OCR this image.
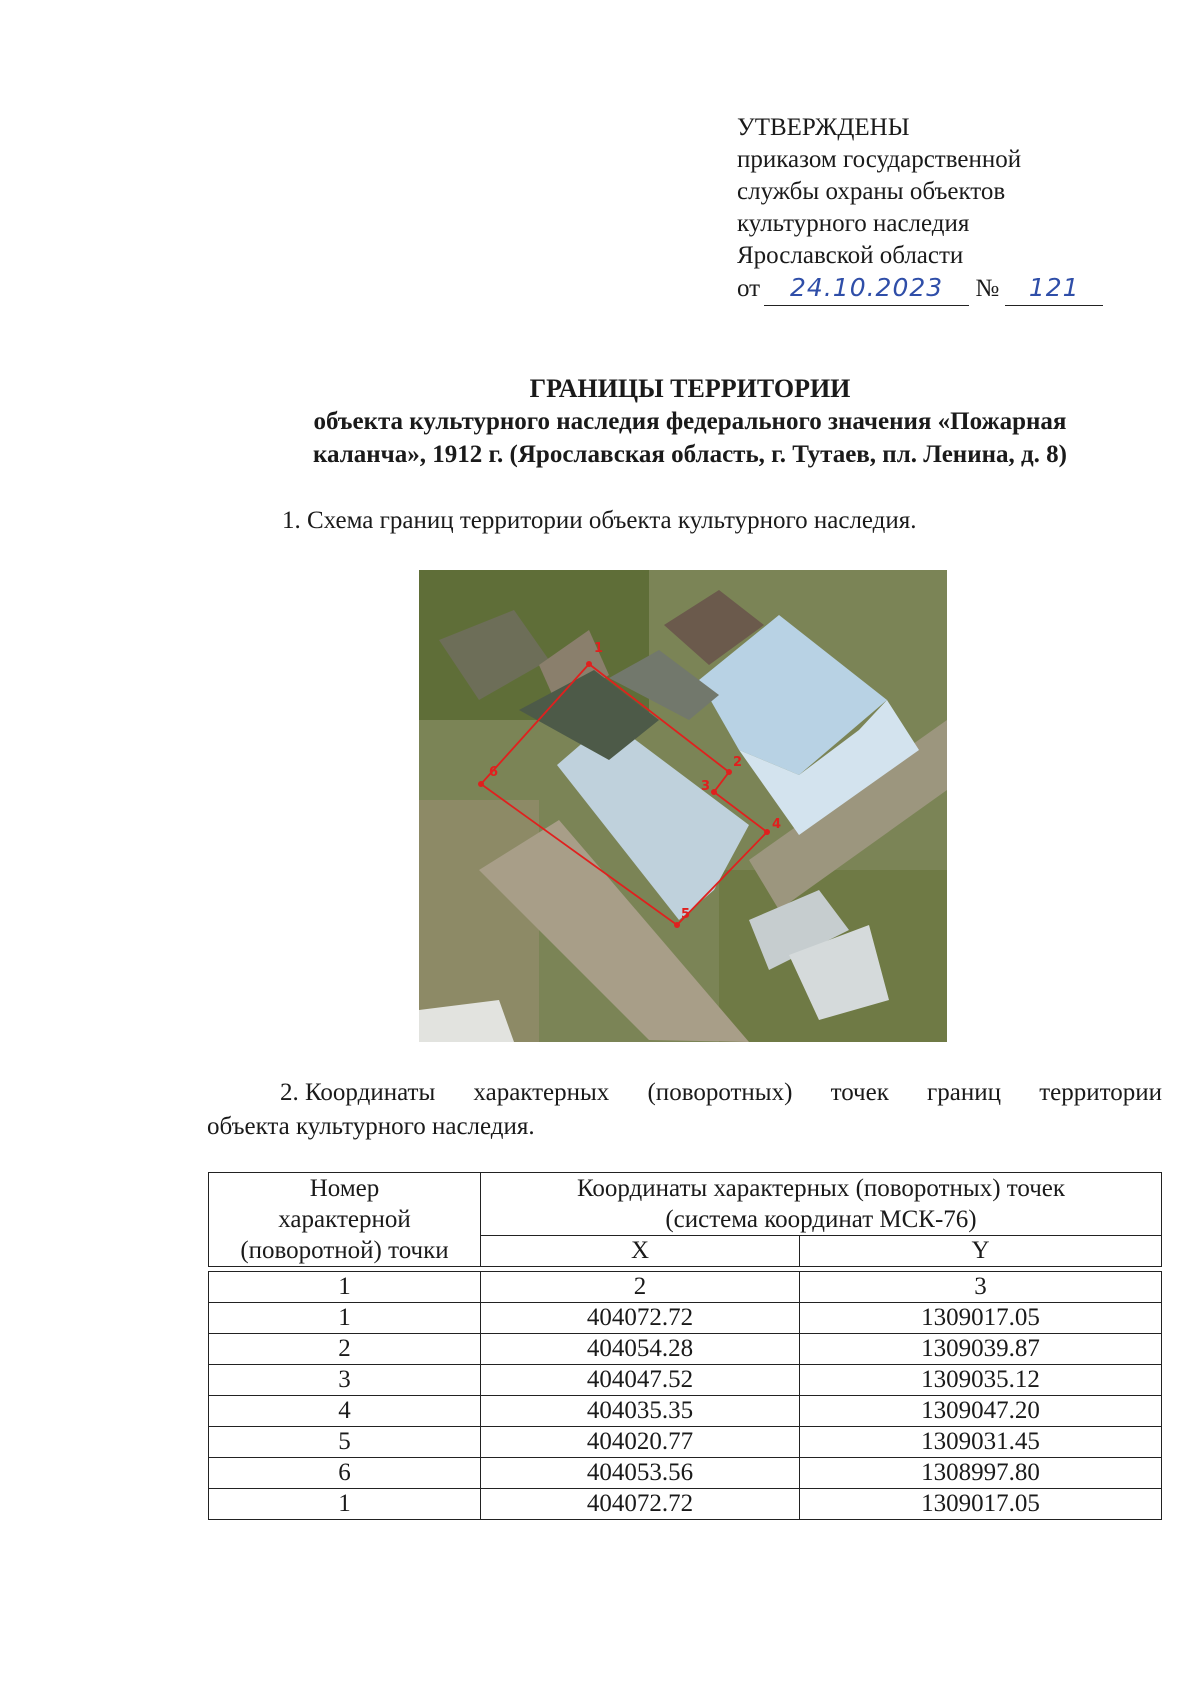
УТВЕРЖДЕНЫ
приказом государственной
службы охраны объектов
культурного наследия
Ярославской области
от 24.10.2023 № 121
ГРАНИЦЫ ТЕРРИТОРИИ
объекта культурного наследия федерального значения «Пожарная
каланча», 1912 г. (Ярославская область, г. Тутаев, пл. Ленина, д. 8)
1. Схема границ территории объекта культурного наследия.
1
2
3
4
5
6
2. Координаты характерных (поворотных) точек границ территории
объекта культурного наследия.
Номер
характерной
(поворотной) точки	Координаты характерных (поворотных) точек
(система координат МСК-76)	
	X	Y

1	2	3
1	404072.72	1309017.05
2	404054.28	1309039.87
3	404047.52	1309035.12
4	404035.35	1309047.20
5	404020.77	1309031.45
6	404053.56	1308997.80
1	404072.72	1309017.05
